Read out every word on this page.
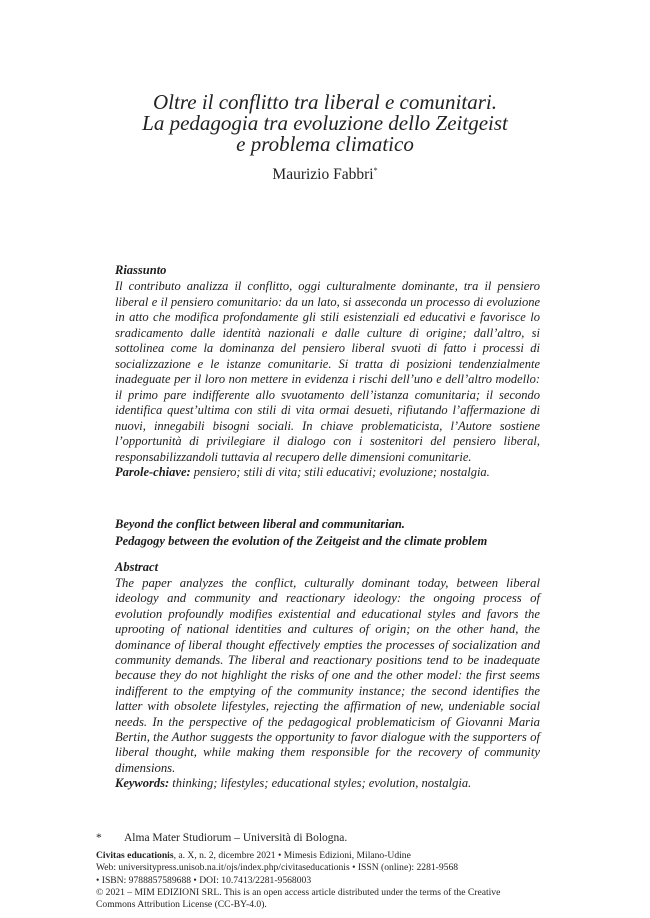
Oltre il conflitto tra liberal e comunitari.
La pedagogia tra evoluzione dello Zeitgeist
e problema climatico
Maurizio Fabbri*
Riassunto
Il contributo analizza il conflitto, oggi culturalmente dominante, tra il pensiero liberal e il pensiero comunitario: da un lato, si asseconda un processo di evoluzione in atto che modifica profondamente gli stili esistenziali ed educativi e favorisce lo sradicamento dalle identità nazionali e dalle culture di origine; dall’altro, si sottolinea come la dominanza del pensiero liberal svuoti di fatto i processi di socializzazione e le istanze comunitarie. Si tratta di posizioni tendenzialmente inadeguate per il loro non mettere in evidenza i rischi dell’uno e dell’altro modello: il primo pare indifferente allo svuotamento dell’istanza comunitaria; il secondo identifica quest’ultima con stili di vita ormai desueti, rifiutando l’affermazione di nuovi, innegabili bisogni sociali. In chiave problematicista, l’Autore sostiene l’opportunità di privilegiare il dialogo con i sostenitori del pensiero liberal, responsabilizzandoli tuttavia al recupero delle dimensioni comunitarie.
Parole-chiave: pensiero; stili di vita; stili educativi; evoluzione; nostalgia.
Beyond the conflict between liberal and communitarian.
Pedagogy between the evolution of the Zeitgeist and the climate problem
Abstract
The paper analyzes the conflict, culturally dominant today, between liberal ideology and community and reactionary ideology: the ongoing process of evolution profoundly modifies existential and educational styles and favors the uprooting of national identities and cultures of origin; on the other hand, the dominance of liberal thought effectively empties the processes of socialization and community demands. The liberal and reactionary positions tend to be inadequate because they do not highlight the risks of one and the other model: the first seems indifferent to the emptying of the community instance; the second identifies the latter with obsolete lifestyles, rejecting the affirmation of new, undeniable social needs. In the perspective of the pedagogical problematicism of Giovanni Maria Bertin, the Author suggests the opportunity to favor dialogue with the supporters of liberal thought, while making them responsible for the recovery of community dimensions.
Keywords: thinking; lifestyles; educational styles; evolution, nostalgia.
* Alma Mater Studiorum – Università di Bologna.
Civitas educationis, a. X, n. 2, dicembre 2021 • Mimesis Edizioni, Milano-Udine
Web: universitypress.unisob.na.it/ojs/index.php/civitaseducationis • ISSN (online): 2281-9568
• ISBN: 9788857589688 • DOI: 10.7413/2281-9568003
© 2021 – MIM EDIZIONI SRL. This is an open access article distributed under the terms of the Creative
Commons Attribution License (CC-BY-4.0).
